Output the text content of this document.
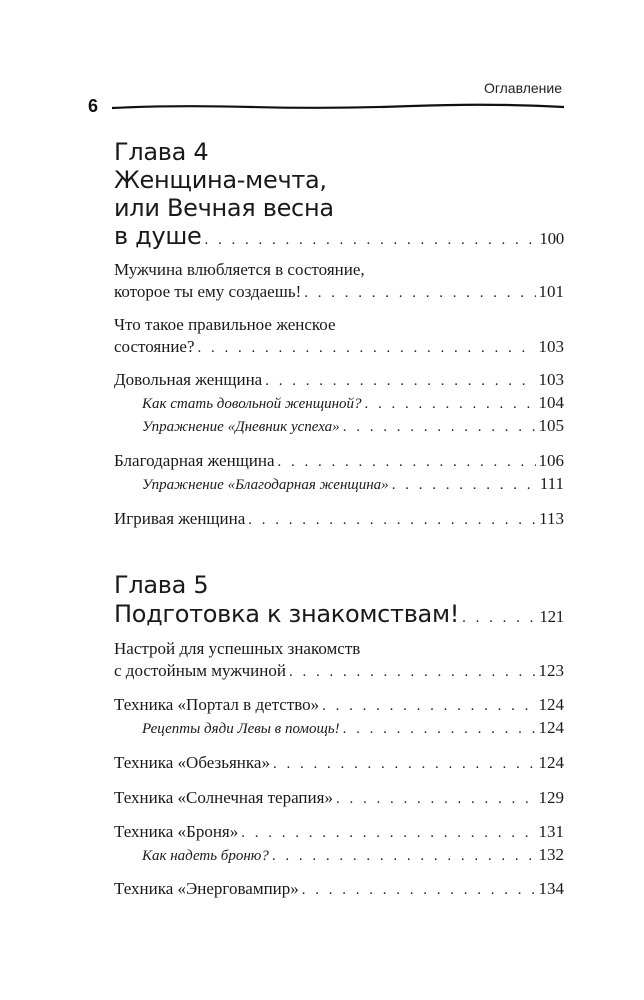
Оглавление
6
Глава 4
Женщина-мечта,
или Вечная весна
в душе . . .	100
Мужчина влюбляется в состояние,
которое ты ему создаешь! . . .	101
Что такое правильное женское
состояние? . . .	103
Довольная женщина . . .	103
Как стать довольной женщиной? . . .	104
Упражнение «Дневник успеха» . . .	105
Благодарная женщина . . .	106
Упражнение «Благодарная женщина» . . .	111
Игривая женщина . . .	113
Глава 5
Подготовка к знакомствам! . . .	121
Настрой для успешных знакомств
с достойным мужчиной . . .	123
Техника «Портал в детство» . . .	124
Рецепты дяди Левы в помощь! . . .	124
Техника «Обезьянка» . . .	124
Техника «Солнечная терапия» . . .	129
Техника «Броня» . . .	131
Как надеть броню? . . .	132
Техника «Энерговампир» . . .	134
